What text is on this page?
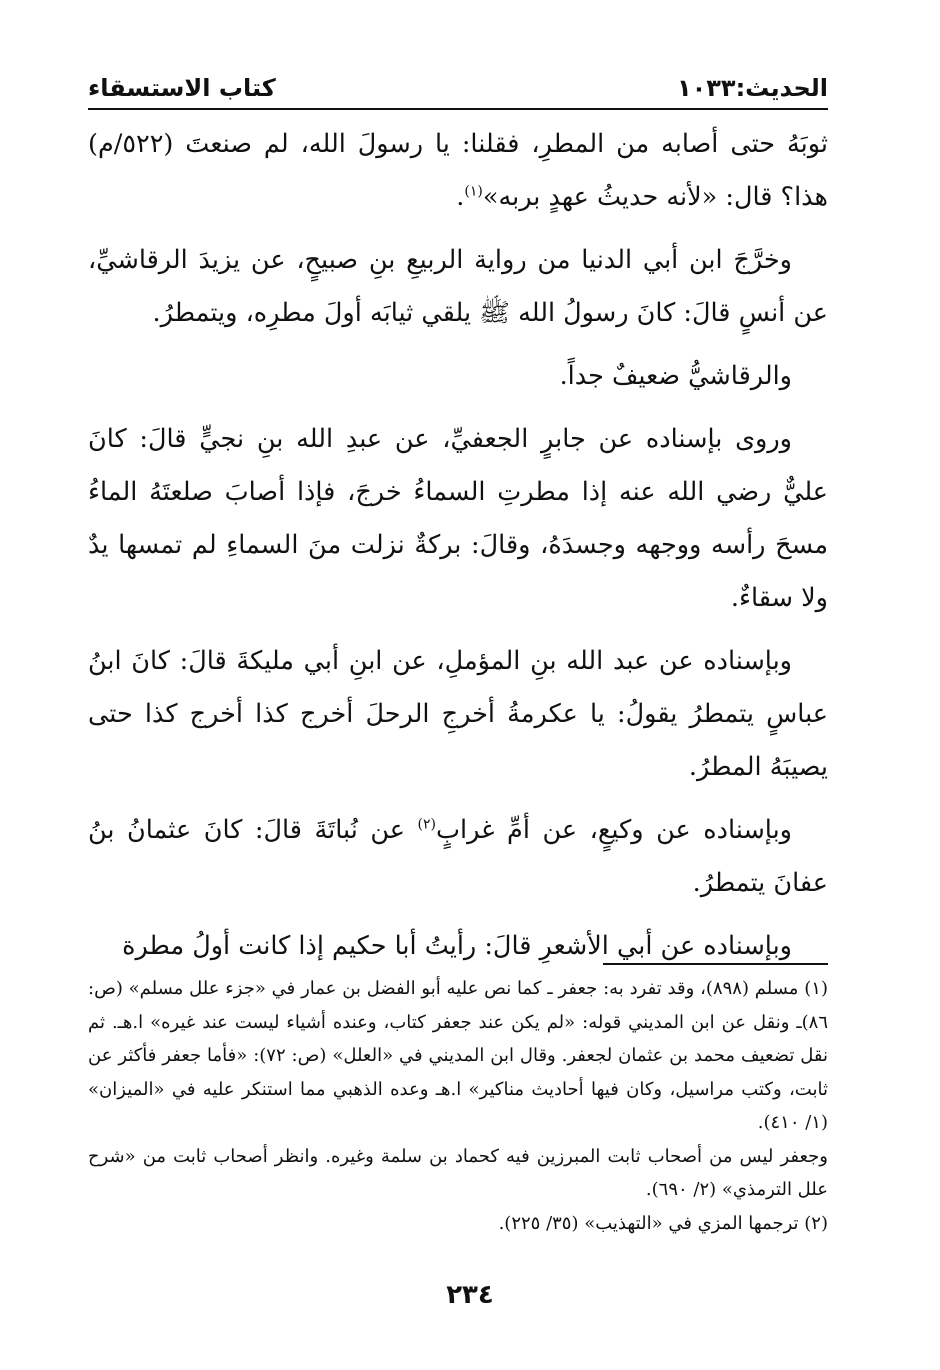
كتاب الاستسقاء	الحديث:١٠٣٣

ثوبَهُ حتى أصابه من المطرِ، فقلنا: يا رسولَ الله، لم صنعتَ (٥٢٢/م) هذا؟ قال: «لأنه حديثُ عهدٍ بربه»$^{(١)}$.

وخرَّجَ ابن أبي الدنيا من رواية الربيعِ بنِ صبيحٍ، عن يزيدَ الرقاشيِّ، عن أنسٍ قالَ: كانَ رسولُ الله ﷺ يلقي ثيابَه أولَ مطرِه، ويتمطرُ.

والرقاشيُّ ضعيفٌ جداً.

وروى بإسناده عن جابرٍ الجعفيِّ، عن عبدِ الله بنِ نجيٍّ قالَ: كانَ عليٌّ رضي الله عنه إذا مطرتِ السماءُ خرجَ، فإذا أصابَ صلعتَهُ الماءُ مسحَ رأسه ووجهه وجسدَهُ، وقالَ: بركةٌ نزلت منَ السماءِ لم تمسها يدٌ ولا سقاءٌ.

وبإسناده عن عبد الله بنِ المؤملِ، عن ابنِ أبي مليكةَ قالَ: كانَ ابنُ عباسٍ يتمطرُ يقولُ: يا عكرمةُ أخرجِ الرحلَ أخرج كذا أخرج كذا حتى يصيبَهُ المطرُ.

وبإسناده عن وكيعٍ، عن أمِّ غرابٍ$^{(٢)}$ عن نُباتَةَ قالَ: كانَ عثمانُ بنُ عفانَ يتمطرُ.

وبإسناده عن أبي الأشعرِ قالَ: رأيتُ أبا حكيم إذا كانت أولُ مطرة

(١) مسلم (٨٩٨)، وقد تفرد به: جعفر ـ كما نص عليه أبو الفضل بن عمار في «جزء علل مسلم» (ص: ٨٦)ـ ونقل عن ابن المديني قوله: «لم يكن عند جعفر كتاب، وعنده أشياء ليست عند غيره» ا.هـ. ثم نقل تضعيف محمد بن عثمان لجعفر. وقال ابن المديني في «العلل» (ص: ٧٢): «فأما جعفر فأكثر عن ثابت، وكتب مراسيل، وكان فيها أحاديث مناكير» ا.هـ وعده الذهبي مما استنكر عليه في «الميزان» (١/ ٤١٠).

وجعفر ليس من أصحاب ثابت المبرزين فيه كحماد بن سلمة وغيره. وانظر أصحاب ثابت من «شرح علل الترمذي» (٢/ ٦٩٠).

(٢) ترجمها المزي في «التهذيب» (٣٥/ ٢٢٥).

٢٣٤
